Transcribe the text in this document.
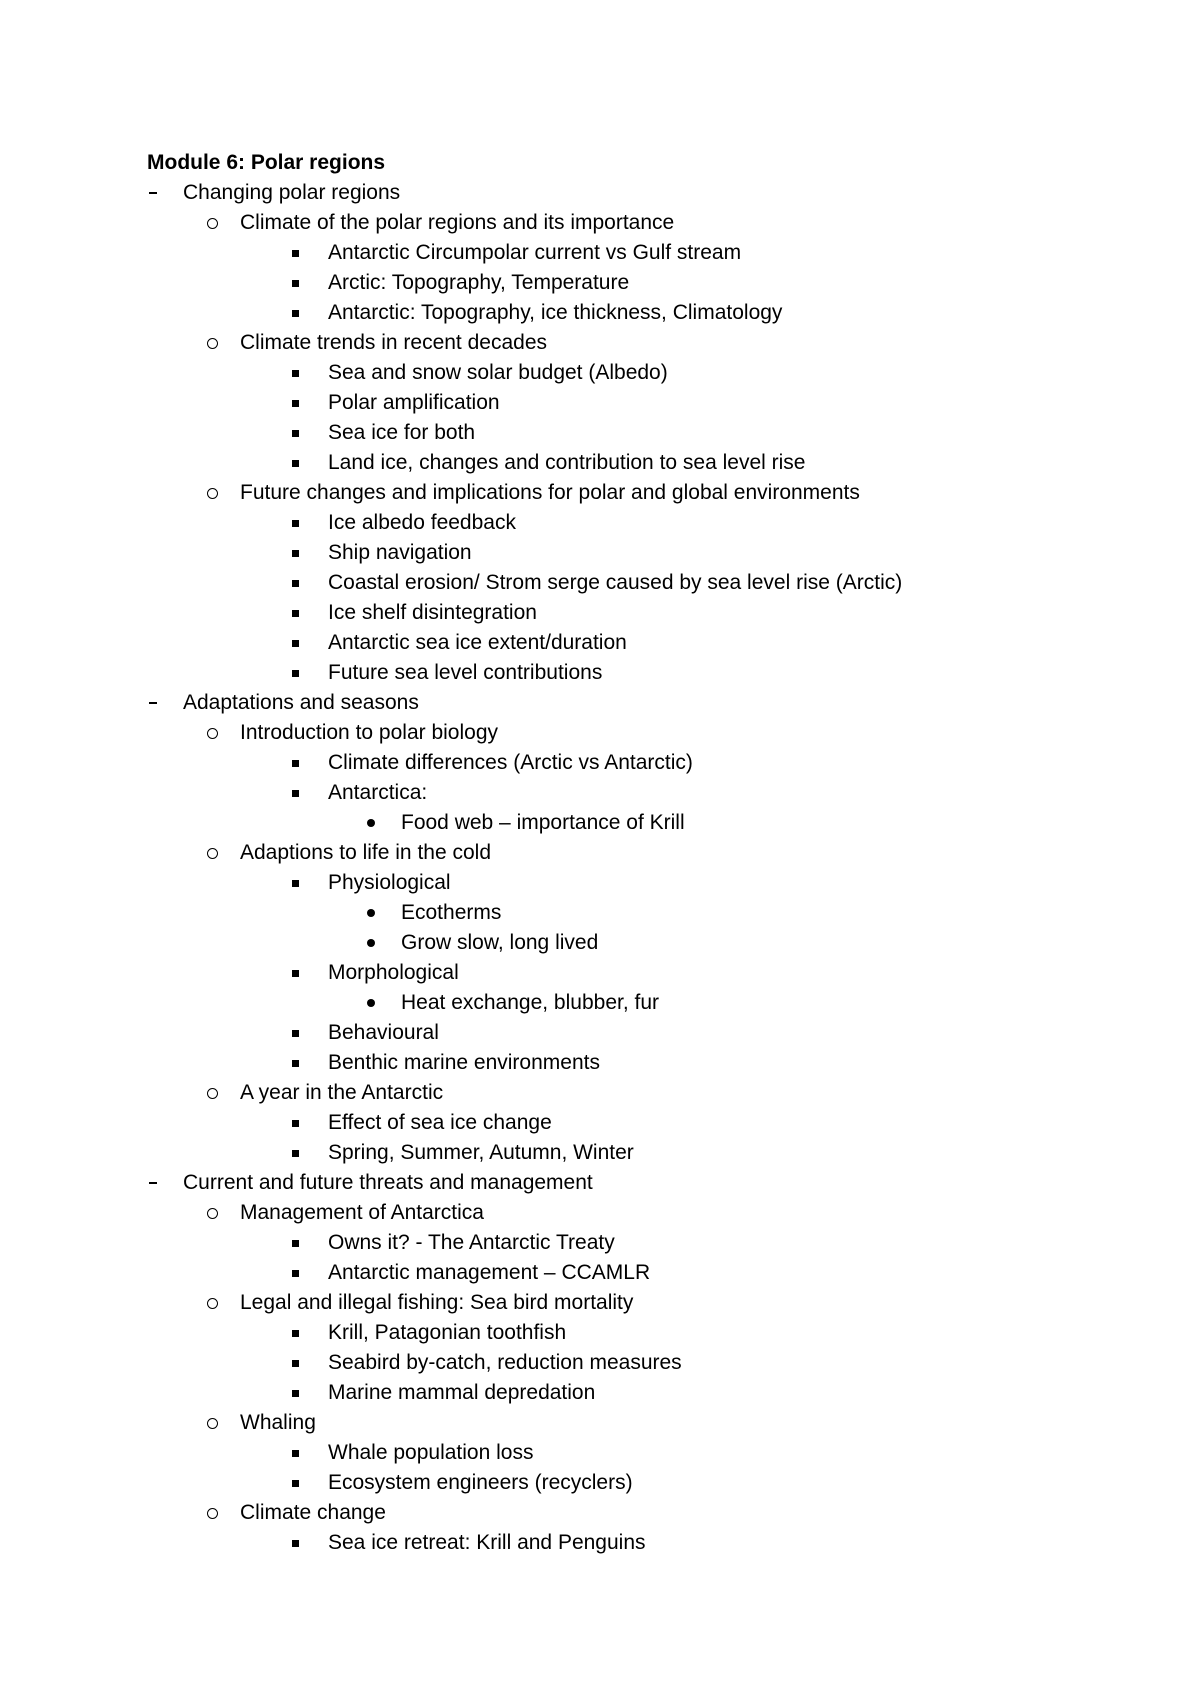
Module 6: Polar regions
Changing polar regions
Climate of the polar regions and its importance
Antarctic Circumpolar current vs Gulf stream
Arctic: Topography, Temperature
Antarctic: Topography, ice thickness, Climatology
Climate trends in recent decades
Sea and snow solar budget (Albedo)
Polar amplification
Sea ice for both
Land ice, changes and contribution to sea level rise
Future changes and implications for polar and global environments
Ice albedo feedback
Ship navigation
Coastal erosion/ Strom serge caused by sea level rise (Arctic)
Ice shelf disintegration
Antarctic sea ice extent/duration
Future sea level contributions
Adaptations and seasons
Introduction to polar biology
Climate differences (Arctic vs Antarctic)
Antarctica:
Food web – importance of Krill
Adaptions to life in the cold
Physiological
Ecotherms
Grow slow, long lived
Morphological
Heat exchange, blubber, fur
Behavioural
Benthic marine environments
A year in the Antarctic
Effect of sea ice change
Spring, Summer, Autumn, Winter
Current and future threats and management
Management of Antarctica
Owns it? - The Antarctic Treaty
Antarctic management – CCAMLR
Legal and illegal fishing: Sea bird mortality
Krill, Patagonian toothfish
Seabird by-catch, reduction measures
Marine mammal depredation
Whaling
Whale population loss
Ecosystem engineers (recyclers)
Climate change
Sea ice retreat: Krill and Penguins
